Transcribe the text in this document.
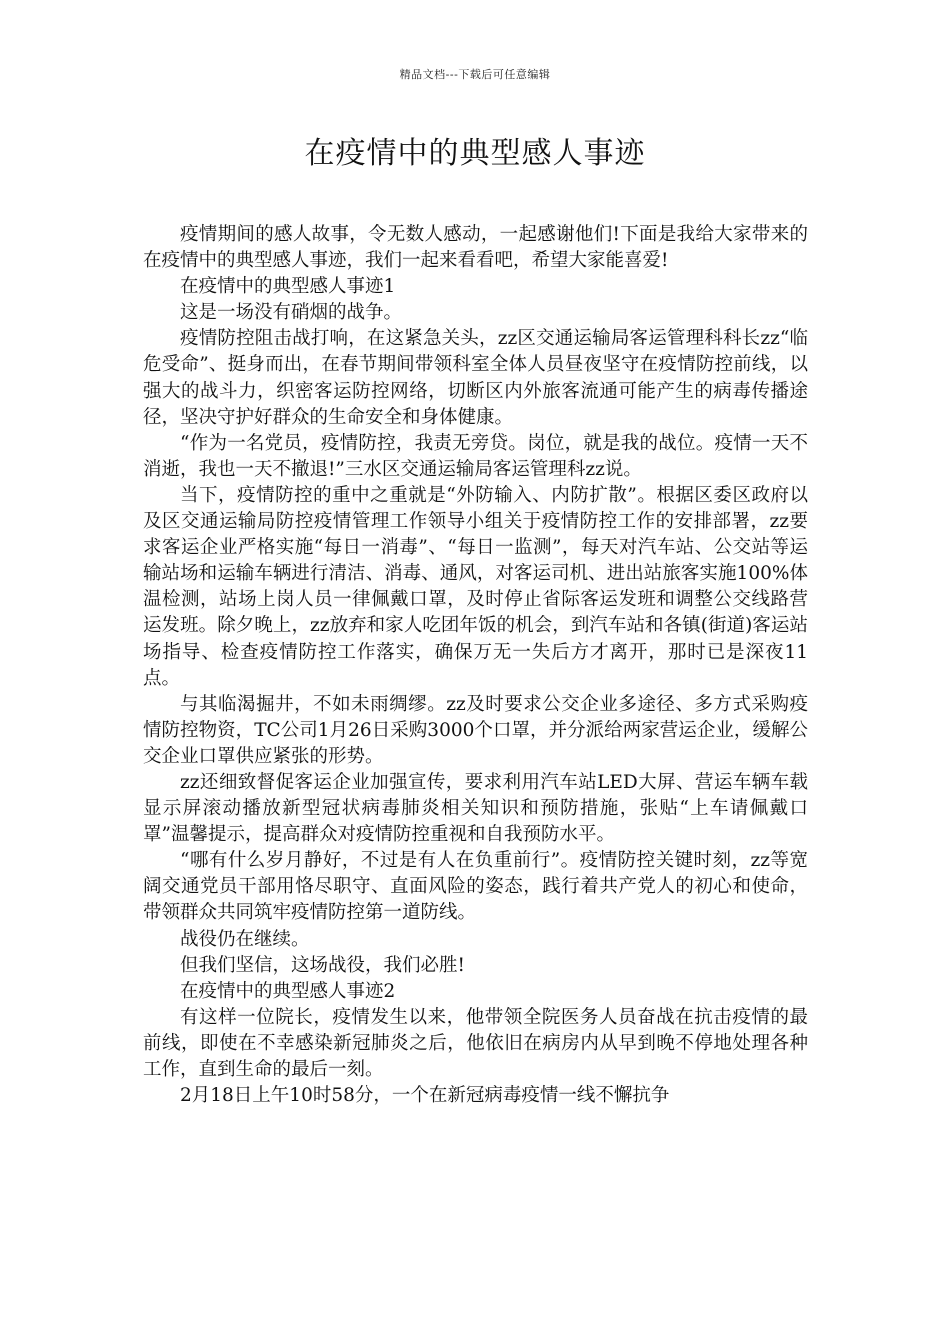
精品文档---下载后可任意编辑
在疫情中的典型感人事迹

疫情期间的感人故事，令无数人感动，一起感谢他们!下面是我给大家带来的在疫情中的典型感人事迹，我们一起来看看吧，希望大家能喜爱!

在疫情中的典型感人事迹1

这是一场没有硝烟的战争。

疫情防控阻击战打响，在这紧急关头，zz区交通运输局客运管理科科长zz“临危受命”、挺身而出，在春节期间带领科室全体人员昼夜坚守在疫情防控前线，以强大的战斗力，织密客运防控网络，切断区内外旅客流通可能产生的病毒传播途径，坚决守护好群众的生命安全和身体健康。

“作为一名党员，疫情防控，我责无旁贷。岗位，就是我的战位。疫情一天不消逝，我也一天不撤退!”三水区交通运输局客运管理科zz说。

当下，疫情防控的重中之重就是“外防输入、内防扩散”。根据区委区政府以及区交通运输局防控疫情管理工作领导小组关于疫情防控工作的安排部署，zz要求客运企业严格实施“每日一消毒”、“每日一监测”，每天对汽车站、公交站等运输站场和运输车辆进行清洁、消毒、通风，对客运司机、进出站旅客实施100%体温检测，站场上岗人员一律佩戴口罩，及时停止省际客运发班和调整公交线路营运发班。除夕晚上，zz放弃和家人吃团年饭的机会，到汽车站和各镇(街道)客运站场指导、检查疫情防控工作落实，确保万无一失后方才离开，那时已是深夜11点。

与其临渴掘井，不如未雨绸缪。zz及时要求公交企业多途径、多方式采购疫情防控物资，TC公司1月26日采购3000个口罩，并分派给两家营运企业，缓解公交企业口罩供应紧张的形势。

zz还细致督促客运企业加强宣传，要求利用汽车站LED大屏、营运车辆车载显示屏滚动播放新型冠状病毒肺炎相关知识和预防措施，张贴“上车请佩戴口罩”温馨提示，提高群众对疫情防控重视和自我预防水平。

“哪有什么岁月静好，不过是有人在负重前行”。疫情防控关键时刻，zz等宽阔交通党员干部用恪尽职守、直面风险的姿态，践行着共产党人的初心和使命，带领群众共同筑牢疫情防控第一道防线。

战役仍在继续。

但我们坚信，这场战役，我们必胜!

在疫情中的典型感人事迹2

有这样一位院长，疫情发生以来，他带领全院医务人员奋战在抗击疫情的最前线，即使在不幸感染新冠肺炎之后，他依旧在病房内从早到晚不停地处理各种工作，直到生命的最后一刻。

2月18日上午10时58分，一个在新冠病毒疫情一线不懈抗争
